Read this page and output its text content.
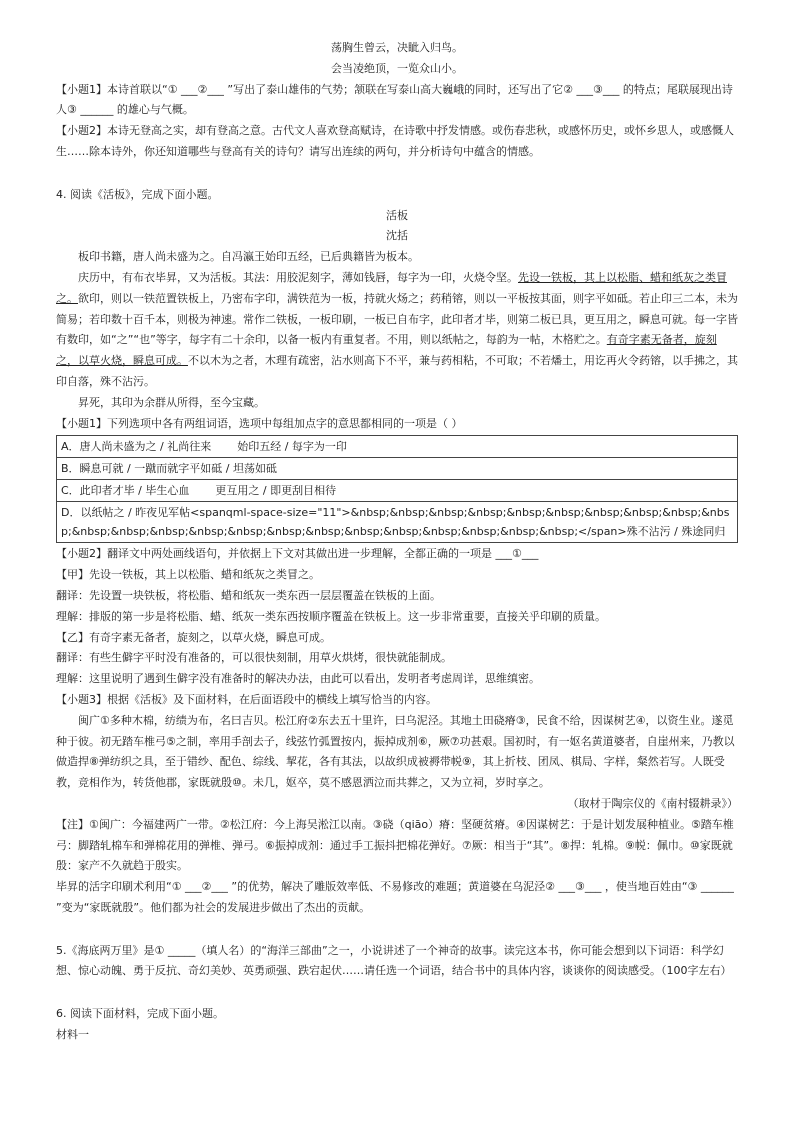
荡胸生曾云，决眦入归鸟。

会当凌绝顶，一览众山小。

【小题1】本诗首联以“① ___②___ ”写出了泰山雄伟的气势；颔联在写泰山高大巍峨的同时，还写出了它② ___③___ 的特点；尾联展现出诗人③ ______ 的雄心与气概。

【小题2】本诗无登高之实，却有登高之意。古代文人喜欢登高赋诗，在诗歌中抒发情感。或伤春悲秋，或感怀历史，或怀乡思人，或感慨人生……除本诗外，你还知道哪些与登高有关的诗句？请写出连续的两句，并分析诗句中蕴含的情感。

4. 阅读《活板》，完成下面小题。

活板

沈括

板印书籍，唐人尚未盛为之。自冯瀛王始印五经，已后典籍皆为板本。

庆历中，有布衣毕昇，又为活板。其法：用胶泥刻字，薄如钱唇，每字为一印，火烧令坚。先设一铁板，其上以松脂、蜡和纸灰之类冒之。欲印，则以一铁范置铁板上，乃密布字印，满铁范为一板，持就火炀之；药稍镕，则以一平板按其面，则字平如砥。若止印三二本，未为简易；若印数十百千本，则极为神速。常作二铁板，一板印刷，一板已自布字，此印者才毕，则第二板已具，更互用之，瞬息可就。每一字皆有数印，如“之”“也”等字，每字有二十余印，以备一板内有重复者。不用，则以纸帖之，每韵为一帖，木格贮之。有奇字素无备者，旋刻之，以草火烧，瞬息可成。不以木为之者，木理有疏密，沾水则高下不平，兼与药相粘，不可取；不若燔土，用讫再火令药镕，以手拂之，其印自落，殊不沾污。

昇死，其印为余群从所得，至今宝藏。

【小题1】下列选项中各有两组词语，选项中每组加点字的意思都相同的一项是（ ）

A．唐人尚未盛为之 / 礼尚往来 始印五经 / 每字为一印
B．瞬息可就 / 一蹴而就字平如砥 / 坦荡如砥
C．此印者才毕 / 毕生心血 更互用之 / 即更刮目相待
D．以纸帖之 / 昨夜见军帖<spanqml-space-size="11">&nbsp;&nbsp;&nbsp;&nbsp;&nbsp;&nbsp;&nbsp;&nbsp;&nbsp;&nbsp;&nbsp;&nbsp;&nbsp;&nbsp;&nbsp;&nbsp;&nbsp;&nbsp;&nbsp;&nbsp;&nbsp;&nbsp;&nbsp;</span>殊不沾污 / 殊途同归

【小题2】翻译文中两处画线语句，并依据上下文对其做出进一步理解，全都正确的一项是 ___①___

【甲】先设一铁板，其上以松脂、蜡和纸灰之类冒之。

翻译：先设置一块铁板，将松脂、蜡和纸灰一类东西一层层覆盖在铁板的上面。

理解：排版的第一步是将松脂、蜡、纸灰一类东西按顺序覆盖在铁板上。这一步非常重要，直接关乎印刷的质量。

【乙】有奇字素无备者，旋刻之，以草火烧，瞬息可成。

翻译：有些生僻字平时没有准备的，可以很快刻制，用草火烘烤，很快就能制成。

理解：这里说明了遇到生僻字没有准备时的解决办法，由此可以看出，发明者考虑周详，思维缜密。

【小题3】根据《活板》及下面材料，在后面语段中的横线上填写恰当的内容。

闽广①多种木棉，纺绩为布，名曰吉贝。松江府②东去五十里许，曰乌泥泾。其地土田硗瘠③，民食不给，因谋树艺④，以资生业。遂觅种于彼。初无踏车椎弓⑤之制，率用手剖去子，线弦竹弧置按内，振掉成剂⑥，厥⑦功甚艰。国初时，有一妪名黄道婆者，自崖州来，乃教以做造捍⑧弹纺织之具，至于错纱、配色、综线、挈花，各有其法，以故织成被褥带帨⑨，其上折枝、团凤、棋局、字样，粲然若写。人既受教，竞相作为，转货他郡，家既就殷⑩。未几，妪卒，莫不感恩洒泣而共葬之，又为立祠，岁时享之。

（取材于陶宗仪的《南村辍耕录》）

【注】①闽广：今福建两广一带。②松江府：今上海吴淞江以南。③硗（qiāo）瘠：坚硬贫瘠。④因谋树艺：于是计划发展种植业。⑤踏车椎弓：脚踏轧棉车和弹棉花用的弹椎、弹弓。⑥振掉成剂：通过手工振抖把棉花弹好。⑦厥：相当于“其”。⑧捍：轧棉。⑨帨：佩巾。⑩家既就殷：家产不久就趋于殷实。

毕昇的活字印刷术利用“① ___②___ ”的优势，解决了雕版效率低、不易修改的难题；黄道婆在乌泥泾② ___③___ ，使当地百姓由“③ ______ ”变为“家既就殷”。他们都为社会的发展进步做出了杰出的贡献。

5.《海底两万里》是① _____（填人名）的“海洋三部曲”之一，小说讲述了一个神奇的故事。读完这本书，你可能会想到以下词语：科学幻想、惊心动魄、勇于反抗、奇幻美妙、英勇顽强、跌宕起伏……请任选一个词语，结合书中的具体内容，谈谈你的阅读感受。（100字左右）

6. 阅读下面材料，完成下面小题。

材料一
